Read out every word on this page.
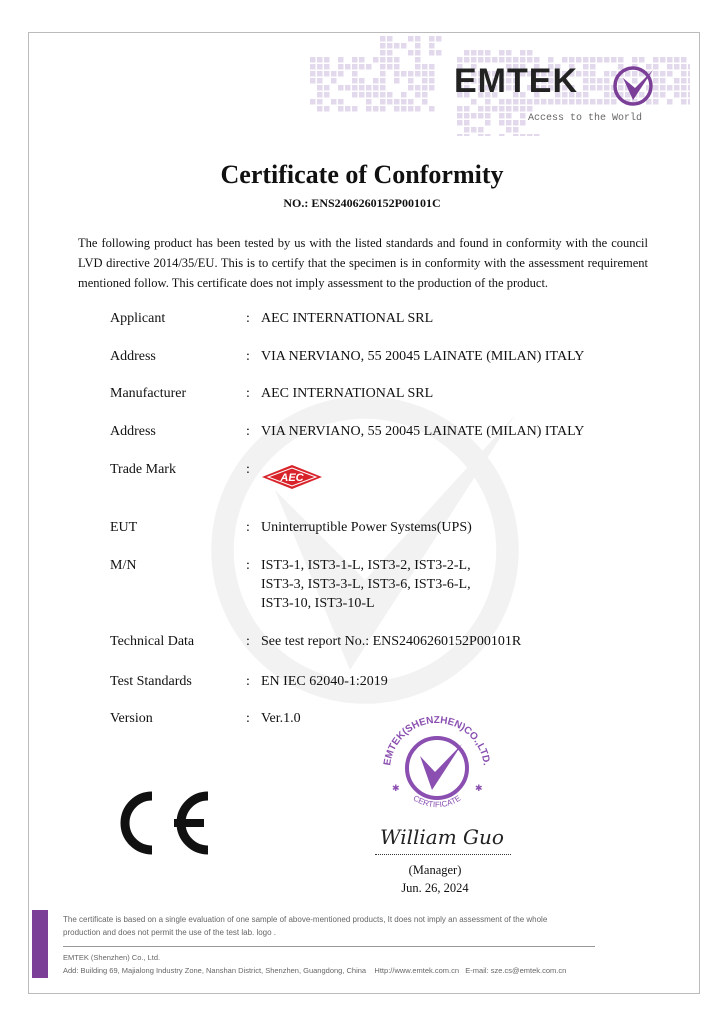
EMTEK
Access to the World
Certificate of Conformity
NO.: ENS2406260152P00101C
The following product has been tested by us with the listed standards and found in conformity with the council LVD directive 2014/35/EU. This is to certify that the specimen is in conformity with the assessment requirement mentioned follow. This certificate does not imply assessment to the production of the product.
Applicant	: AEC INTERNATIONAL SRL
Address	: VIA NERVIANO, 55 20045 LAINATE (MILAN) ITALY
Manufacturer	: AEC INTERNATIONAL SRL
Address	: VIA NERVIANO, 55 20045 LAINATE (MILAN) ITALY
Trade Mark	:
AEC
EUT	: Uninterruptible Power Systems(UPS)
M/N	: IST3-1, IST3-1-L, IST3-2, IST3-2-L,
IST3-3, IST3-3-L, IST3-6, IST3-6-L,
IST3-10, IST3-10-L
Technical Data	: See test report No.: ENS2406260152P00101R
Test Standards	: EN IEC 62040-1:2019
Version	: Ver.1.0
EMTEK(SHENZHEN)CO.,LTD.
CERTIFICATE
✱	✱
William Guo
(Manager)
Jun. 26, 2024
The certificate is based on a single evaluation of one sample of above-mentioned products, It does not imply an assessment of the whole
production and does not permit the use of the test lab. logo .
EMTEK (Shenzhen) Co., Ltd.
Add: Building 69, Majialong Industry Zone, Nanshan District, Shenzhen, Guangdong, China    Http://www.emtek.com.cn   E-mail: sze.cs@emtek.com.cn
